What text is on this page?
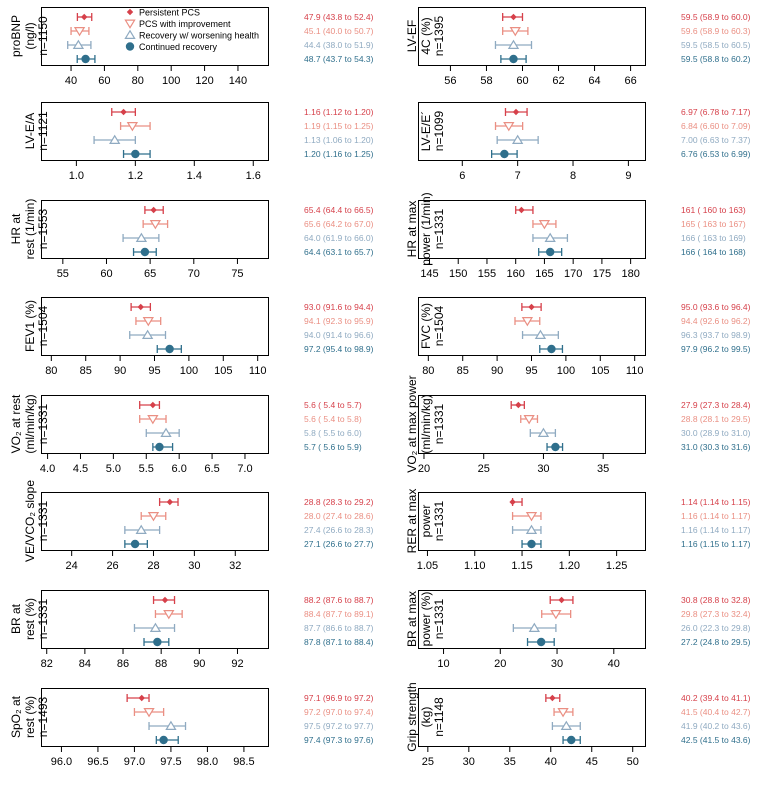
40 60 80 100 120 140
proBNP (ng/l) n=1150	47.9 (43.8 to 52.4)
45.1 (40.0 to 50.7)
44.4 (38.0 to 51.9)
48.7 (43.7 to 54.3)
Persistent PCS
PCS with improvement
Recovery w/ worsening health
Continued recovery
56 58 60 62 64 66
LV-EF 4C (%) n=1395	59.5 (58.9 to 60.0)
59.6 (58.9 to 60.3)
59.5 (58.5 to 60.5)
59.5 (58.8 to 60.2)
1.0	1.2	1.4	1.6
LV-E/A n=1121	1.16 (1.12 to 1.20)
1.19 (1.15 to 1.25)
1.13 (1.06 to 1.20)
1.20 (1.16 to 1.25)
6	7	8	9
LV-E/E´ n=1099	6.97 (6.78 to 7.17)
6.84 (6.60 to 7.09)
7.00 (6.63 to 7.37)
6.76 (6.53 to 6.99)
55	60	65	70	75
HR at rest (1/min) n=1553	65.4 (64.4 to 66.5)
65.6 (64.2 to 67.0)
64.0 (61.9 to 66.0)
64.4 (63.1 to 65.7)
145 150 155 160 165 170 175 180
HR at max power (1/min) n=1331	161 ( 160 to 163)
165 ( 163 to 167)
166 ( 163 to 169)
166 ( 164 to 168)
80 85 90 95 100 105 110
FEV1 (%) n=1504	93.0 (91.6 to 94.4)
94.1 (92.3 to 95.9)
94.0 (91.4 to 96.6)
97.2 (95.4 to 98.9)
80 85 90 95 100 105 110
FVC (%) n=1504	95.0 (93.6 to 96.4)
94.4 (92.6 to 96.2)
96.3 (93.7 to 98.9)
97.9 (96.2 to 99.5)
4.0 4.5 5.0 5.5 6.0 6.5 7.0
VO₂ at rest (ml/min/kg) n=1331	5.6 ( 5.4 to 5.7)
5.6 ( 5.4 to 5.8)
5.8 ( 5.5 to 6.0)
5.7 ( 5.6 to 5.9)
20	25	30	35
VO₂ at max power (ml/min/kg) n=1331	27.9 (27.3 to 28.4)
28.8 (28.1 to 29.5)
30.0 (28.9 to 31.0)
31.0 (30.3 to 31.6)
24	26	28	30	32
VE/VCO₂ slope n=1331	28.8 (28.3 to 29.2)
28.0 (27.4 to 28.6)
27.4 (26.6 to 28.3)
27.1 (26.6 to 27.7)
1.05 1.10 1.15 1.20 1.25
RER at max power n=1331	1.14 (1.14 to 1.15)
1.16 (1.14 to 1.17)
1.16 (1.14 to 1.17)
1.16 (1.15 to 1.17)
82 84 86 88 90 92
BR at rest (%) n=1331	88.2 (87.6 to 88.7)
88.4 (87.7 to 89.1)
87.7 (86.6 to 88.7)
87.8 (87.1 to 88.4)
10	20	30	40
BR at max power (%) n=1331	30.8 (28.8 to 32.8)
29.8 (27.3 to 32.4)
26.0 (22.3 to 29.8)
27.2 (24.8 to 29.5)
96.0 96.5 97.0 97.5 98.0 98.5
SpO₂ at rest (%) n=1493	97.1 (96.9 to 97.2)
97.2 (97.0 to 97.4)
97.5 (97.2 to 97.7)
97.4 (97.3 to 97.6)
25	30	35	40	45	50
Grip strength (kg) n=1148	40.2 (39.4 to 41.1)
41.5 (40.4 to 42.7)
41.9 (40.2 to 43.6)
42.5 (41.5 to 43.6)
